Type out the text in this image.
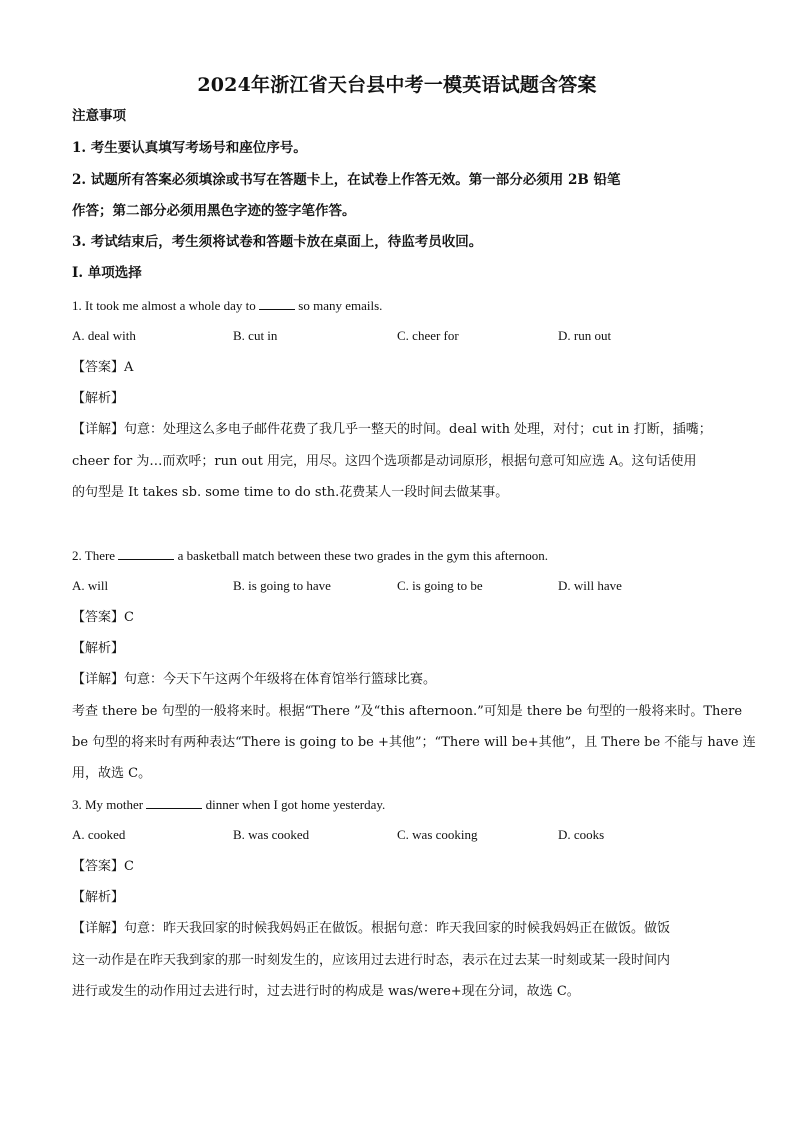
2024年浙江省天台县中考一模英语试题含答案
注意事项
1. 考生要认真填写考场号和座位序号。
2. 试题所有答案必须填涂或书写在答题卡上，在试卷上作答无效。第一部分必须用 2B 铅笔
作答；第二部分必须用黑色字迹的签字笔作答。
3. 考试结束后，考生须将试卷和答题卡放在桌面上，待监考员收回。
Ⅰ. 单项选择
1. It took me almost a whole day to	so many emails.
A. deal with	B. cut in	C. cheer for	D. run out
【答案】A
【解析】
【详解】句意：处理这么多电子邮件花费了我几乎一整天的时间。deal with 处理，对付；cut in 打断，插嘴；
cheer for 为…而欢呼；run out 用完，用尽。这四个选项都是动词原形，根据句意可知应选 A。这句话使用
的句型是 It takes sb. some time to do sth.花费某人一段时间去做某事。
2. There	a basketball match between these two grades in the gym this afternoon.
A. will	B. is going to have	C. is going to be	D. will have
【答案】C
【解析】
【详解】句意：今天下午这两个年级将在体育馆举行篮球比赛。
考查 there be 句型的一般将来时。根据“There ”及“this afternoon.”可知是 there be 句型的一般将来时。There
be 句型的将来时有两种表达“There is going to be +其他”；“There will be+其他”，且 There be 不能与 have 连
用，故选 C。
3. My mother	dinner when I got home yesterday.
A. cooked	B. was cooked	C. was cooking	D. cooks
【答案】C
【解析】
【详解】句意：昨天我回家的时候我妈妈正在做饭。根据句意：昨天我回家的时候我妈妈正在做饭。做饭
这一动作是在昨天我到家的那一时刻发生的，应该用过去进行时态，表示在过去某一时刻或某一段时间内
进行或发生的动作用过去进行时，过去进行时的构成是 was/were+现在分词，故选 C。
